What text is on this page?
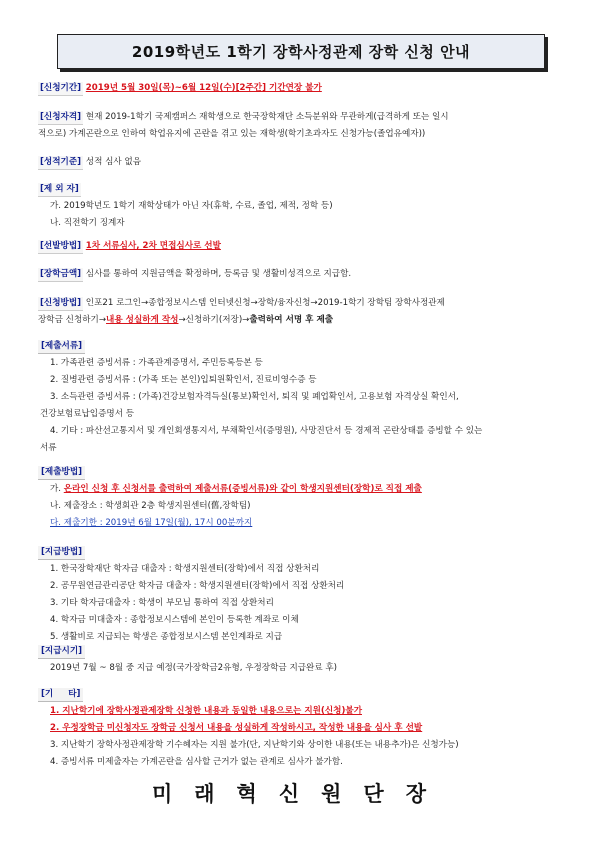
2019학년도 1학기 장학사정관제 장학 신청 안내
[신청기간] 2019년 5월 30일(목)~6월 12일(수)[2주간] 기간연장 불가
[신청자격] 현재 2019-1학기 국제캠퍼스 재학생으로 한국장학재단 소득분위와 무관하게(급격하게 또는 일시
적으로) 가계곤란으로 인하여 학업유지에 곤란을 겪고 있는 재학생(학기초과자도 신청가능(졸업유예자))
[성적기준] 성적 심사 없음
[제 외 자]
가. 2019학년도 1학기 재학상태가 아닌 자(휴학, 수료, 졸업, 제적, 정학 등)
나. 직전학기 징계자
[선발방법] 1차 서류심사, 2차 면접심사로 선발
[장학금액] 심사를 통하여 지원금액을 확정하며, 등록금 및 생활비성격으로 지급함.
[신청방법] 인포21 로그인→종합정보시스템 인터넷신청→장학/융자신청→2019-1학기 장학팀 장학사정관제
장학금 신청하기→내용 성실하게 작성→신청하기(저장)→출력하여 서명 후 제출
[제출서류]
1. 가족관련 증빙서류 : 가족관계증명서, 주민등록등본 등
2. 질병관련 증빙서류 : (가족 또는 본인)입퇴원확인서, 진료비영수증 등
3. 소득관련 증빙서류 : (가족)건강보험자격득실(통보)확인서, 퇴직 및 폐업확인서, 고용보험 자격상실 확인서,
건강보험료납입증명서 등
4. 기타 : 파산선고통지서 및 개인회생통지서, 부채확인서(증명원), 사망진단서 등 경제적 곤란상태를 증빙할 수 있는
서류
[제출방법]
가. 온라인 신청 후 신청서를 출력하여 제출서류(증빙서류)와 같이 학생지원센터(장학)로 직접 제출
나. 제출장소 : 학생회관 2층 학생지원센터(舊,장학팀)
다. 제출기한 : 2019년 6월 17일(월), 17시 00분까지
[지급방법]
1. 한국장학재단 학자금 대출자 : 학생지원센터(장학)에서 직접 상환처리
2. 공무원연금관리공단 학자금 대출자 : 학생지원센터(장학)에서 직접 상환처리
3. 기타 학자금대출자 : 학생이 부모님 통하여 직접 상환처리
4. 학자금 미대출자 : 종합정보시스템에 본인이 등록한 계좌로 이체
5. 생활비로 지급되는 학생은 종합정보시스템 본인계좌로 지급
[지급시기]
2019년 7월 ~ 8월 중 지급 예정(국가장학금2유형, 우정장학금 지급완료 후)
[기     타]
1. 지난학기에 장학사정관제장학 신청한 내용과 동일한 내용으로는 지원(신청)불가
2. 우정장학금 미신청자도 장학금 신청서 내용을 성실하게 작성하시고, 작성한 내용을 심사 후 선발
3. 지난학기 장학사정관제장학 기수혜자는 지원 불가(단, 지난학기와 상이한 내용(또는 내용추가)은 신청가능)
4. 증빙서류 미제출자는 가계곤란을 심사할 근거가 없는 관계로 심사가 불가함.
미래혁신원단장
